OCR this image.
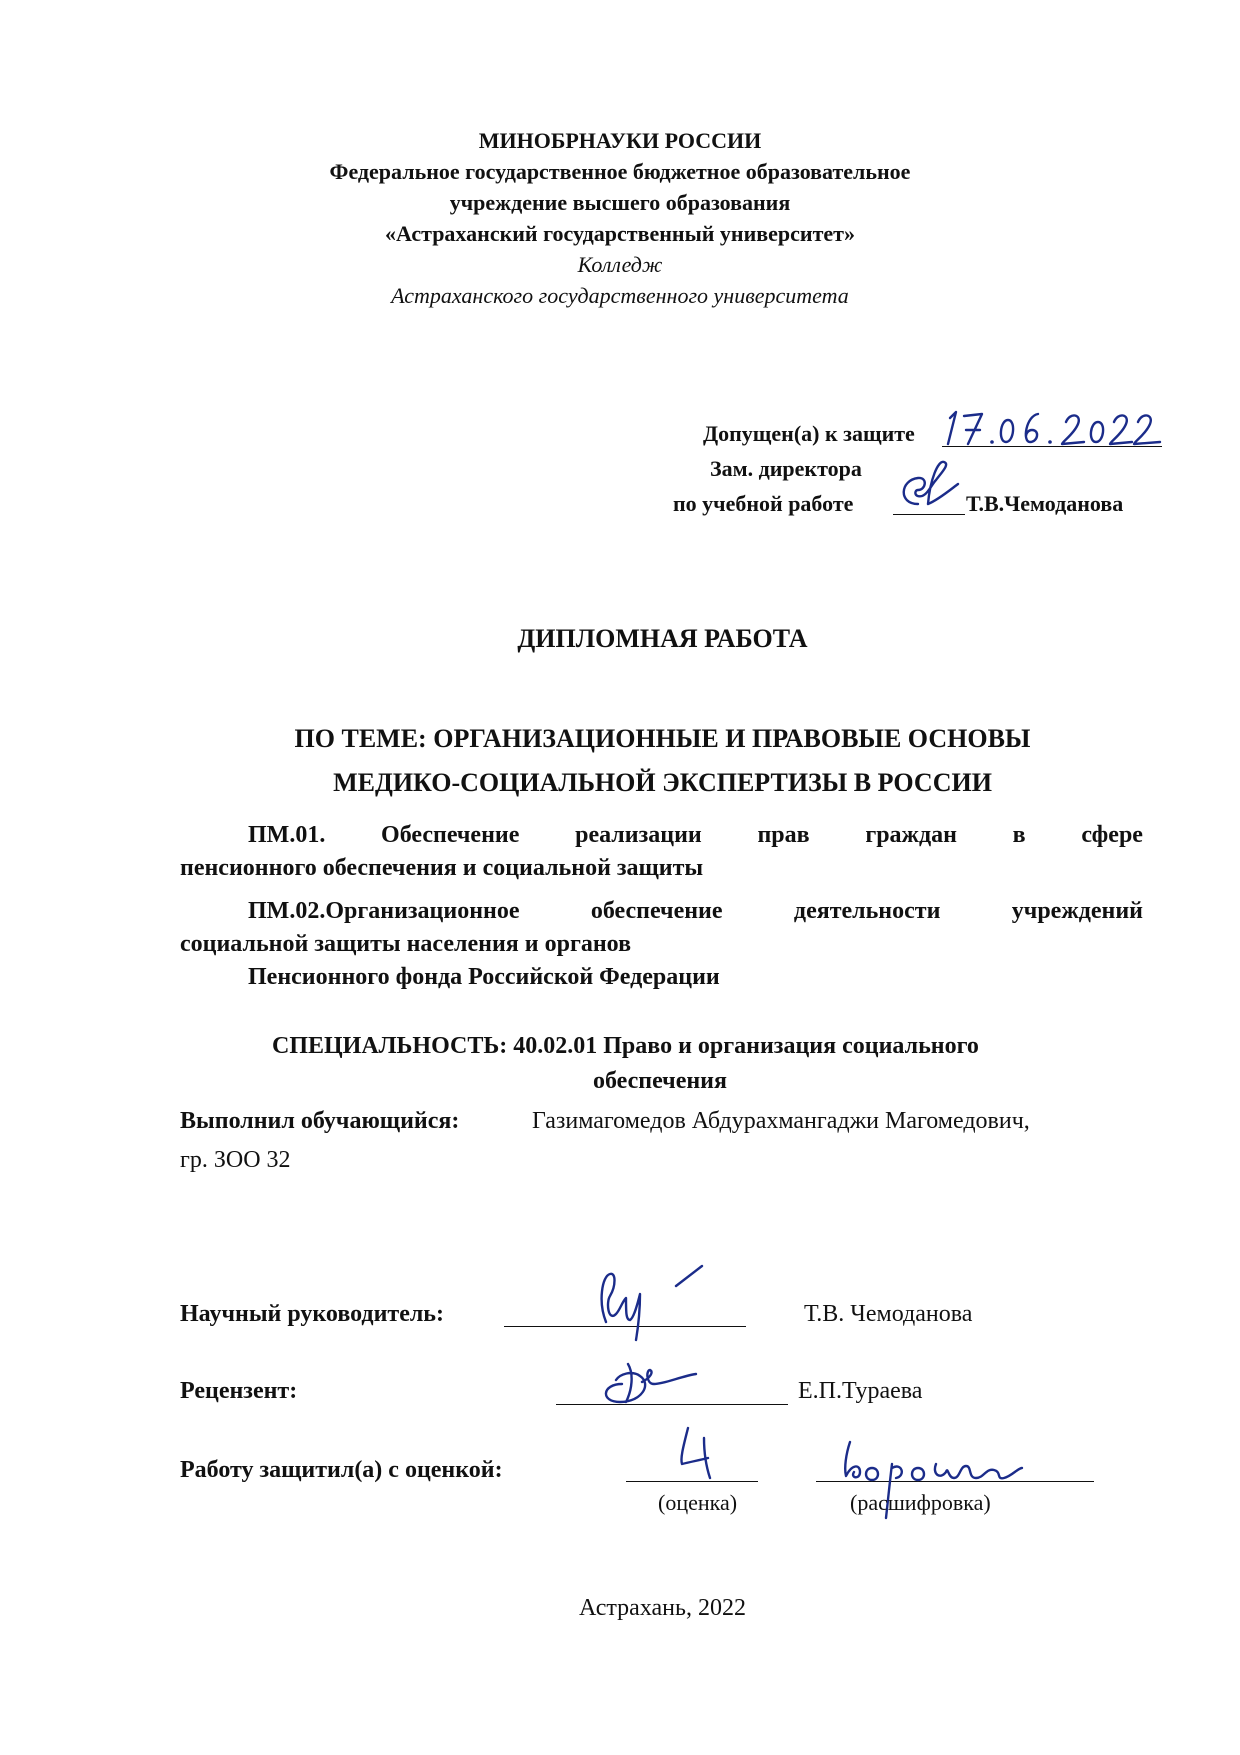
МИНОБРНАУКИ РОССИИ
Федеральное государственное бюджетное образовательное
учреждение высшего образования
«Астраханский государственный университет»
Колледж
Астраханского государственного университета
Допущен(а) к защите
Зам. директора
по учебной работе	Т.В.Чемоданова
ДИПЛОМНАЯ РАБОТА
ПО ТЕМЕ: ОРГАНИЗАЦИОННЫЕ И ПРАВОВЫЕ ОСНОВЫ
МЕДИКО-СОЦИАЛЬНОЙ ЭКСПЕРТИЗЫ В РОССИИ
ПМ.01. Обеспечение реализации прав граждан в сфере
пенсионного обеспечения и социальной защиты
ПМ.02.Организационное	обеспечение	деятельности	учреждений
социальной защиты населения и органов
Пенсионного фонда Российской Федерации
СПЕЦИАЛЬНОСТЬ: 40.02.01 Право и организация социального
обеспечения
Выполнил обучающийся:	Газимагомедов Абдурахмангаджи Магомедович,
гр. ЗОО 32
Научный руководитель:	Т.В. Чемоданова
Рецензент:	Е.П.Тураева
Работу защитил(а) с оценкой:
(оценка)	(расшифровка)
Астрахань, 2022
